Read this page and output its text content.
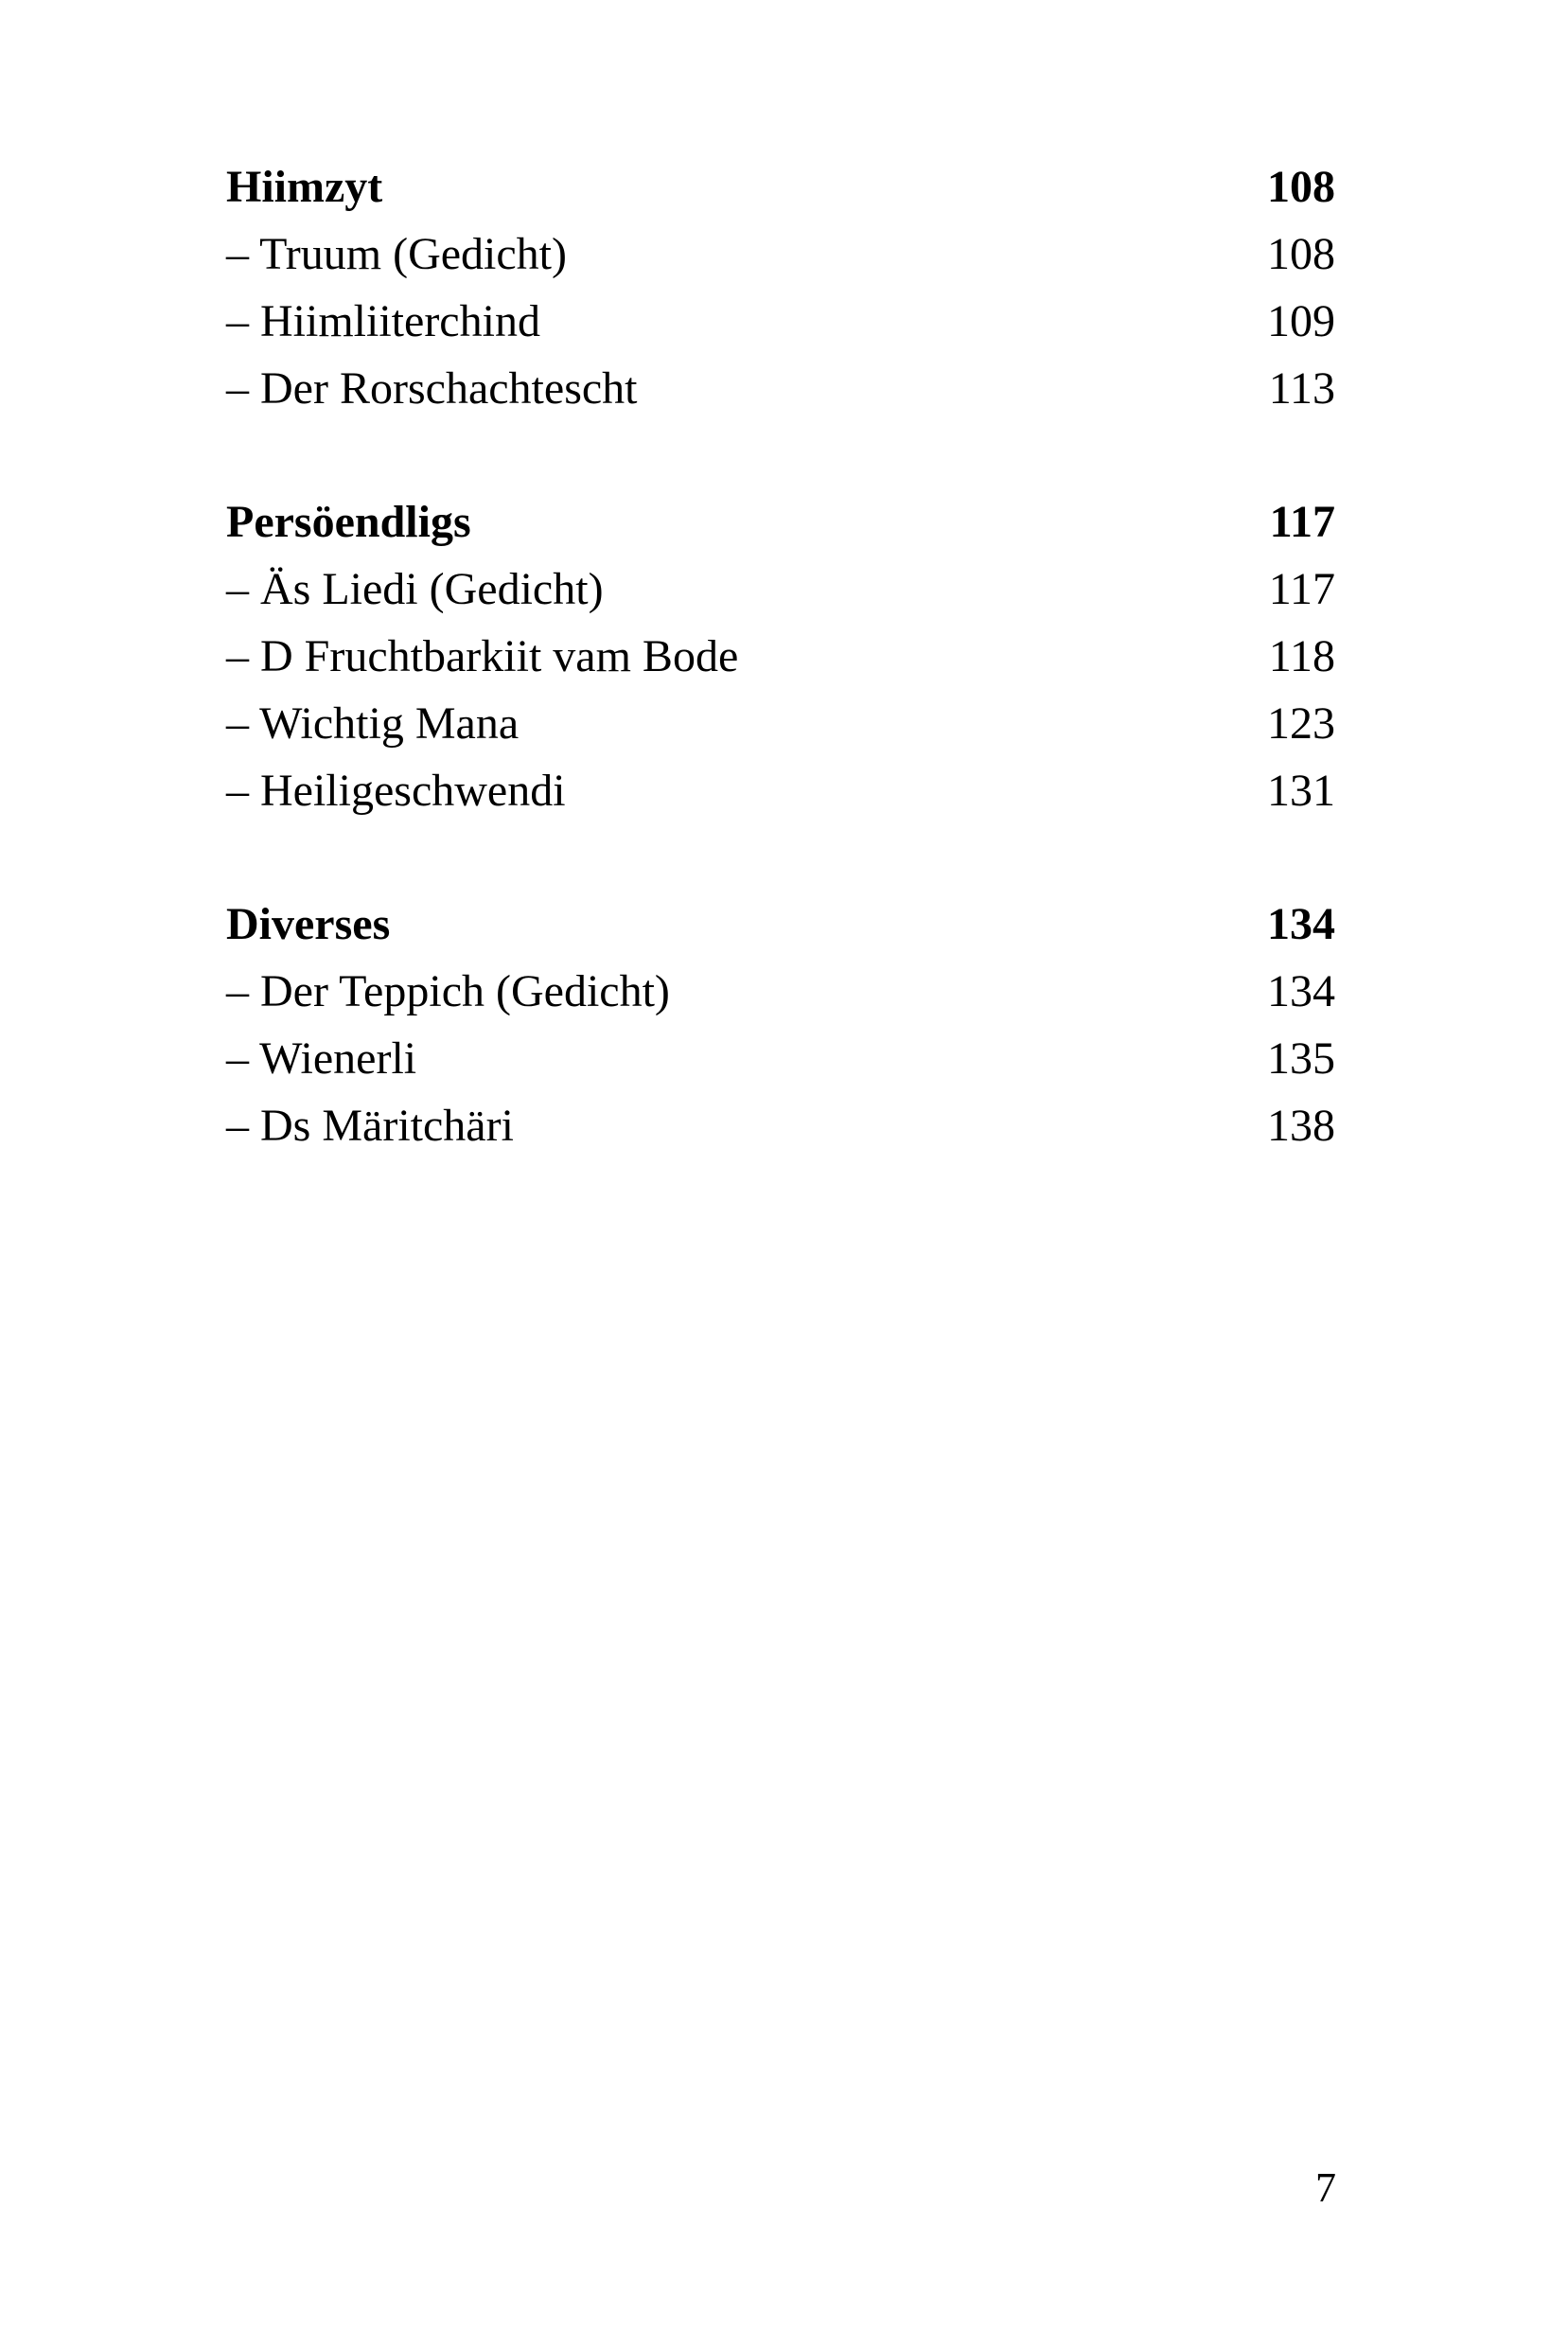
Hiimzyt	108
– Truum (Gedicht)	108
– Hiimliiterchind	109
– Der Rorschachtescht	113
Persöendligs	117
– Äs Liedi (Gedicht)	117
– D Fruchtbarkiit vam Bode	118
– Wichtig Mana	123
– Heiligeschwendi	131
Diverses	134
– Der Teppich (Gedicht)	134
– Wienerli	135
– Ds Märitchäri	138
7
